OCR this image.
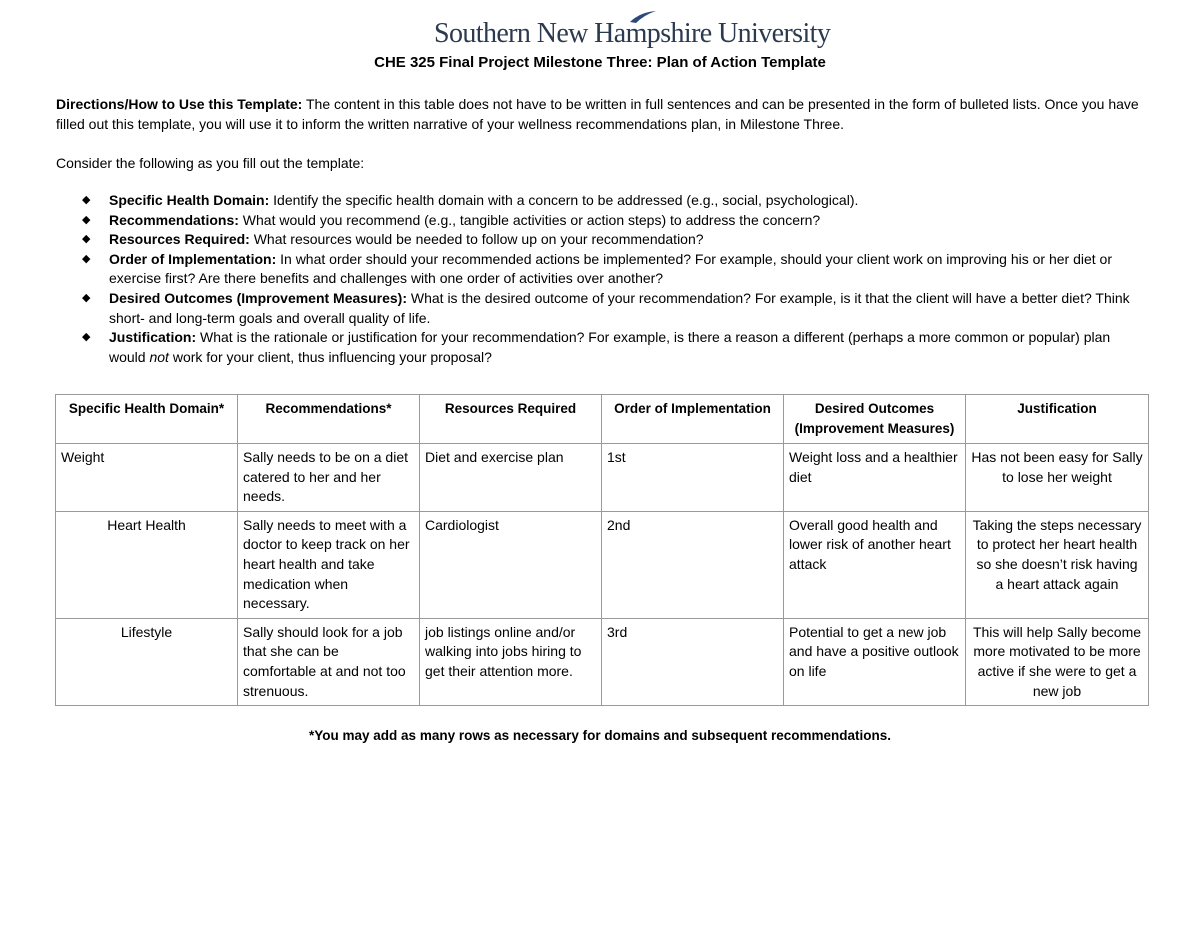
Southern New Hampshire University
CHE 325 Final Project Milestone Three: Plan of Action Template
Directions/How to Use this Template: The content in this table does not have to be written in full sentences and can be presented in the form of bulleted lists. Once you have filled out this template, you will use it to inform the written narrative of your wellness recommendations plan, in Milestone Three.
Consider the following as you fill out the template:
◆ Specific Health Domain: Identify the specific health domain with a concern to be addressed (e.g., social, psychological).
◆ Recommendations: What would you recommend (e.g., tangible activities or action steps) to address the concern?
◆ Resources Required: What resources would be needed to follow up on your recommendation?
◆ Order of Implementation: In what order should your recommended actions be implemented? For example, should your client work on improving his or her diet or exercise first? Are there benefits and challenges with one order of activities over another?
◆ Desired Outcomes (Improvement Measures): What is the desired outcome of your recommendation? For example, is it that the client will have a better diet? Think short- and long-term goals and overall quality of life.
◆ Justification: What is the rationale or justification for your recommendation? For example, is there a reason a different (perhaps a more common or popular) plan would not work for your client, thus influencing your proposal?
Specific Health Domain*	Recommendations*	Resources Required	Order of Implementation	Desired Outcomes (Improvement Measures)	Justification
Weight	Sally needs to be on a diet catered to her and her needs.	Diet and exercise plan	1st	Weight loss and a healthier diet	Has not been easy for Sally to lose her weight
Heart Health	Sally needs to meet with a doctor to keep track on her heart health and take medication when necessary.	Cardiologist	2nd	Overall good health and lower risk of another heart attack	Taking the steps necessary to protect her heart health so she doesn’t risk having a heart attack again
Lifestyle	Sally should look for a job that she can be comfortable at and not too strenuous.	job listings online and/or walking into jobs hiring to get their attention more.	3rd	Potential to get a new job and have a positive outlook on life	This will help Sally become more motivated to be more active if she were to get a new job
*You may add as many rows as necessary for domains and subsequent recommendations.
